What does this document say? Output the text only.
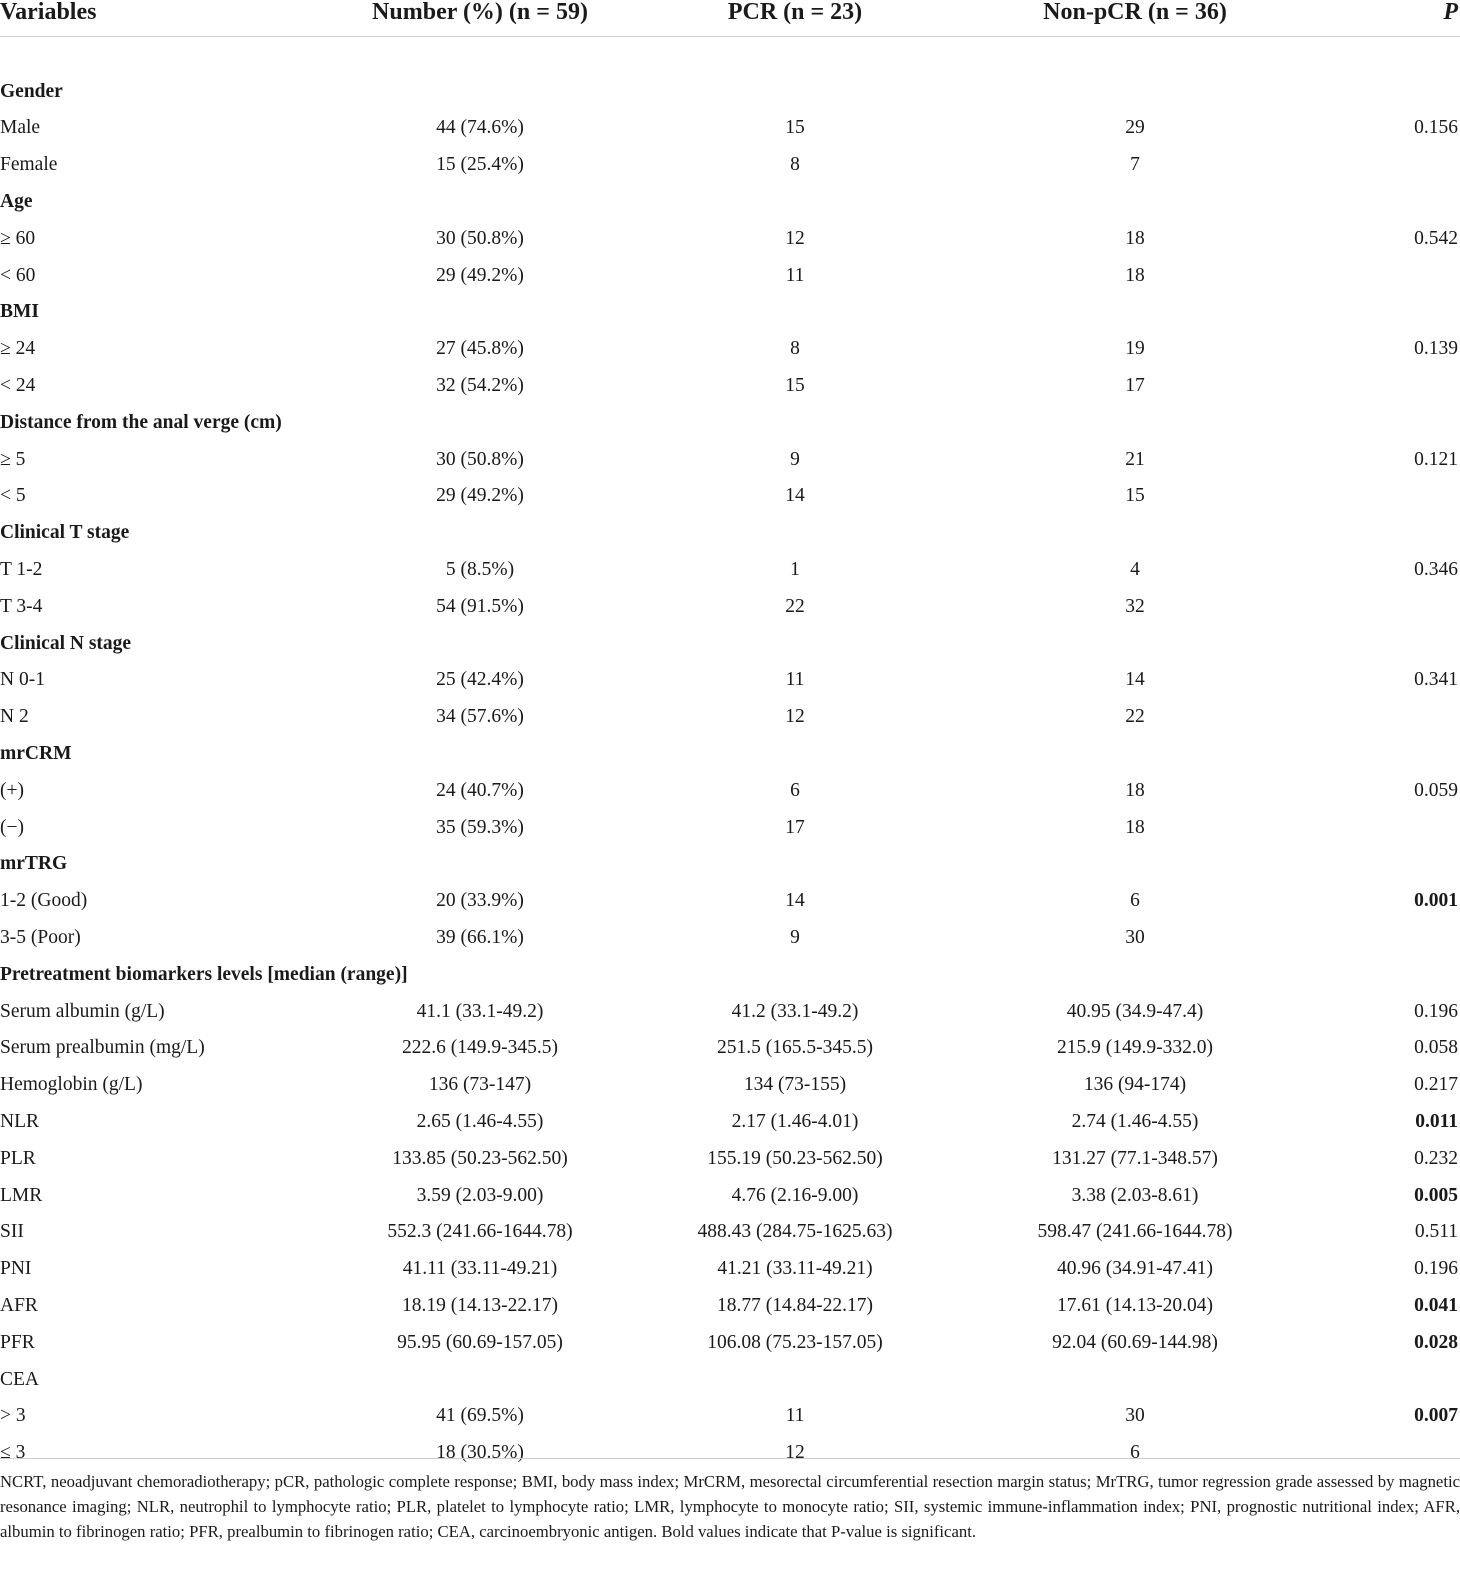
Variables	Number (%) (n = 59)	PCR (n = 23)	Non-pCR (n = 36)	P

Gender				
Male	44 (74.6%)	15	29	0.156
Female	15 (25.4%)	8	7	
Age				
≥ 60	30 (50.8%)	12	18	0.542
< 60	29 (49.2%)	11	18	
BMI				
≥ 24	27 (45.8%)	8	19	0.139
< 24	32 (54.2%)	15	17	
Distance from the anal verge (cm)				
≥ 5	30 (50.8%)	9	21	0.121
< 5	29 (49.2%)	14	15	
Clinical T stage				
T 1-2	5 (8.5%)	1	4	0.346
T 3-4	54 (91.5%)	22	32	
Clinical N stage				
N 0-1	25 (42.4%)	11	14	0.341
N 2	34 (57.6%)	12	22	
mrCRM				
(+)	24 (40.7%)	6	18	0.059
(−)	35 (59.3%)	17	18	
mrTRG				
1-2 (Good)	20 (33.9%)	14	6	0.001
3-5 (Poor)	39 (66.1%)	9	30	
Pretreatment biomarkers levels [median (range)]				
Serum albumin (g/L)	41.1 (33.1-49.2)	41.2 (33.1-49.2)	40.95 (34.9-47.4)	0.196
Serum prealbumin (mg/L)	222.6 (149.9-345.5)	251.5 (165.5-345.5)	215.9 (149.9-332.0)	0.058
Hemoglobin (g/L)	136 (73-147)	134 (73-155)	136 (94-174)	0.217
NLR	2.65 (1.46-4.55)	2.17 (1.46-4.01)	2.74 (1.46-4.55)	0.011
PLR	133.85 (50.23-562.50)	155.19 (50.23-562.50)	131.27 (77.1-348.57)	0.232
LMR	3.59 (2.03-9.00)	4.76 (2.16-9.00)	3.38 (2.03-8.61)	0.005
SII	552.3 (241.66-1644.78)	488.43 (284.75-1625.63)	598.47 (241.66-1644.78)	0.511
PNI	41.11 (33.11-49.21)	41.21 (33.11-49.21)	40.96 (34.91-47.41)	0.196
AFR	18.19 (14.13-22.17)	18.77 (14.84-22.17)	17.61 (14.13-20.04)	0.041
PFR	95.95 (60.69-157.05)	106.08 (75.23-157.05)	92.04 (60.69-144.98)	0.028
CEA				
> 3	41 (69.5%)	11	30	0.007
≤ 3	18 (30.5%)	12	6	
NCRT, neoadjuvant chemoradiotherapy; pCR, pathologic complete response; BMI, body mass index; MrCRM, mesorectal circumferential resection margin status; MrTRG, tumor regression grade assessed by magnetic resonance imaging; NLR, neutrophil to lymphocyte ratio; PLR, platelet to lymphocyte ratio; LMR, lymphocyte to monocyte ratio; SII, systemic immune-inflammation index; PNI, prognostic nutritional index; AFR, albumin to fibrinogen ratio; PFR, prealbumin to fibrinogen ratio; CEA, carcinoembryonic antigen. Bold values indicate that P-value is significant.
